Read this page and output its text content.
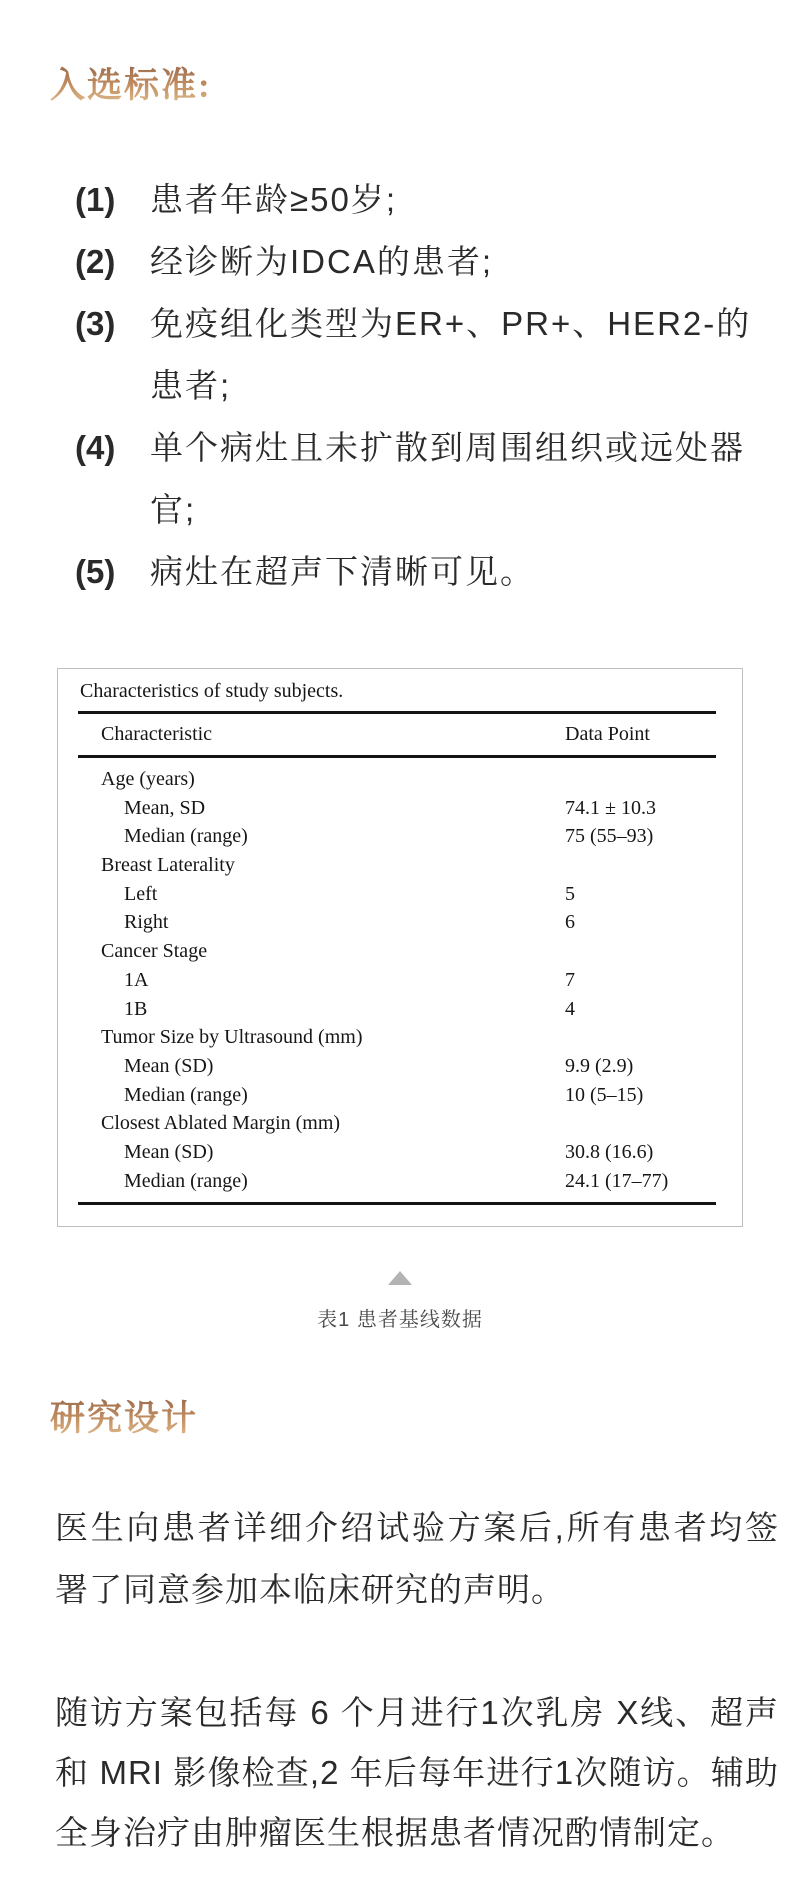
入选标准:
(1)	患者年龄≥50岁;
(2)	经诊断为IDCA的患者;
(3)	免疫组化类型为ER+、PR+、HER2-的患者;
(4)	单个病灶且未扩散到周围组织或远处器官;
(5)	病灶在超声下清晰可见。
Characteristics of study subjects.
Characteristic	Data Point
Age (years)
Mean, SD	74.1 ± 10.3
Median (range)	75 (55–93)
Breast Laterality
Left	5
Right	6
Cancer Stage
1A	7
1B	4
Tumor Size by Ultrasound (mm)
Mean (SD)	9.9 (2.9)
Median (range)	10 (5–15)
Closest Ablated Margin (mm)
Mean (SD)	30.8 (16.6)
Median (range)	24.1 (17–77)
表1 患者基线数据
研究设计
医生向患者详细介绍试验方案后,所有患者均签署了同意参加本临床研究的声明。
随访方案包括每 6 个月进行1次乳房 X线、超声和 MRI 影像检查,2 年后每年进行1次随访。辅助全身治疗由肿瘤医生根据患者情况酌情制定。
